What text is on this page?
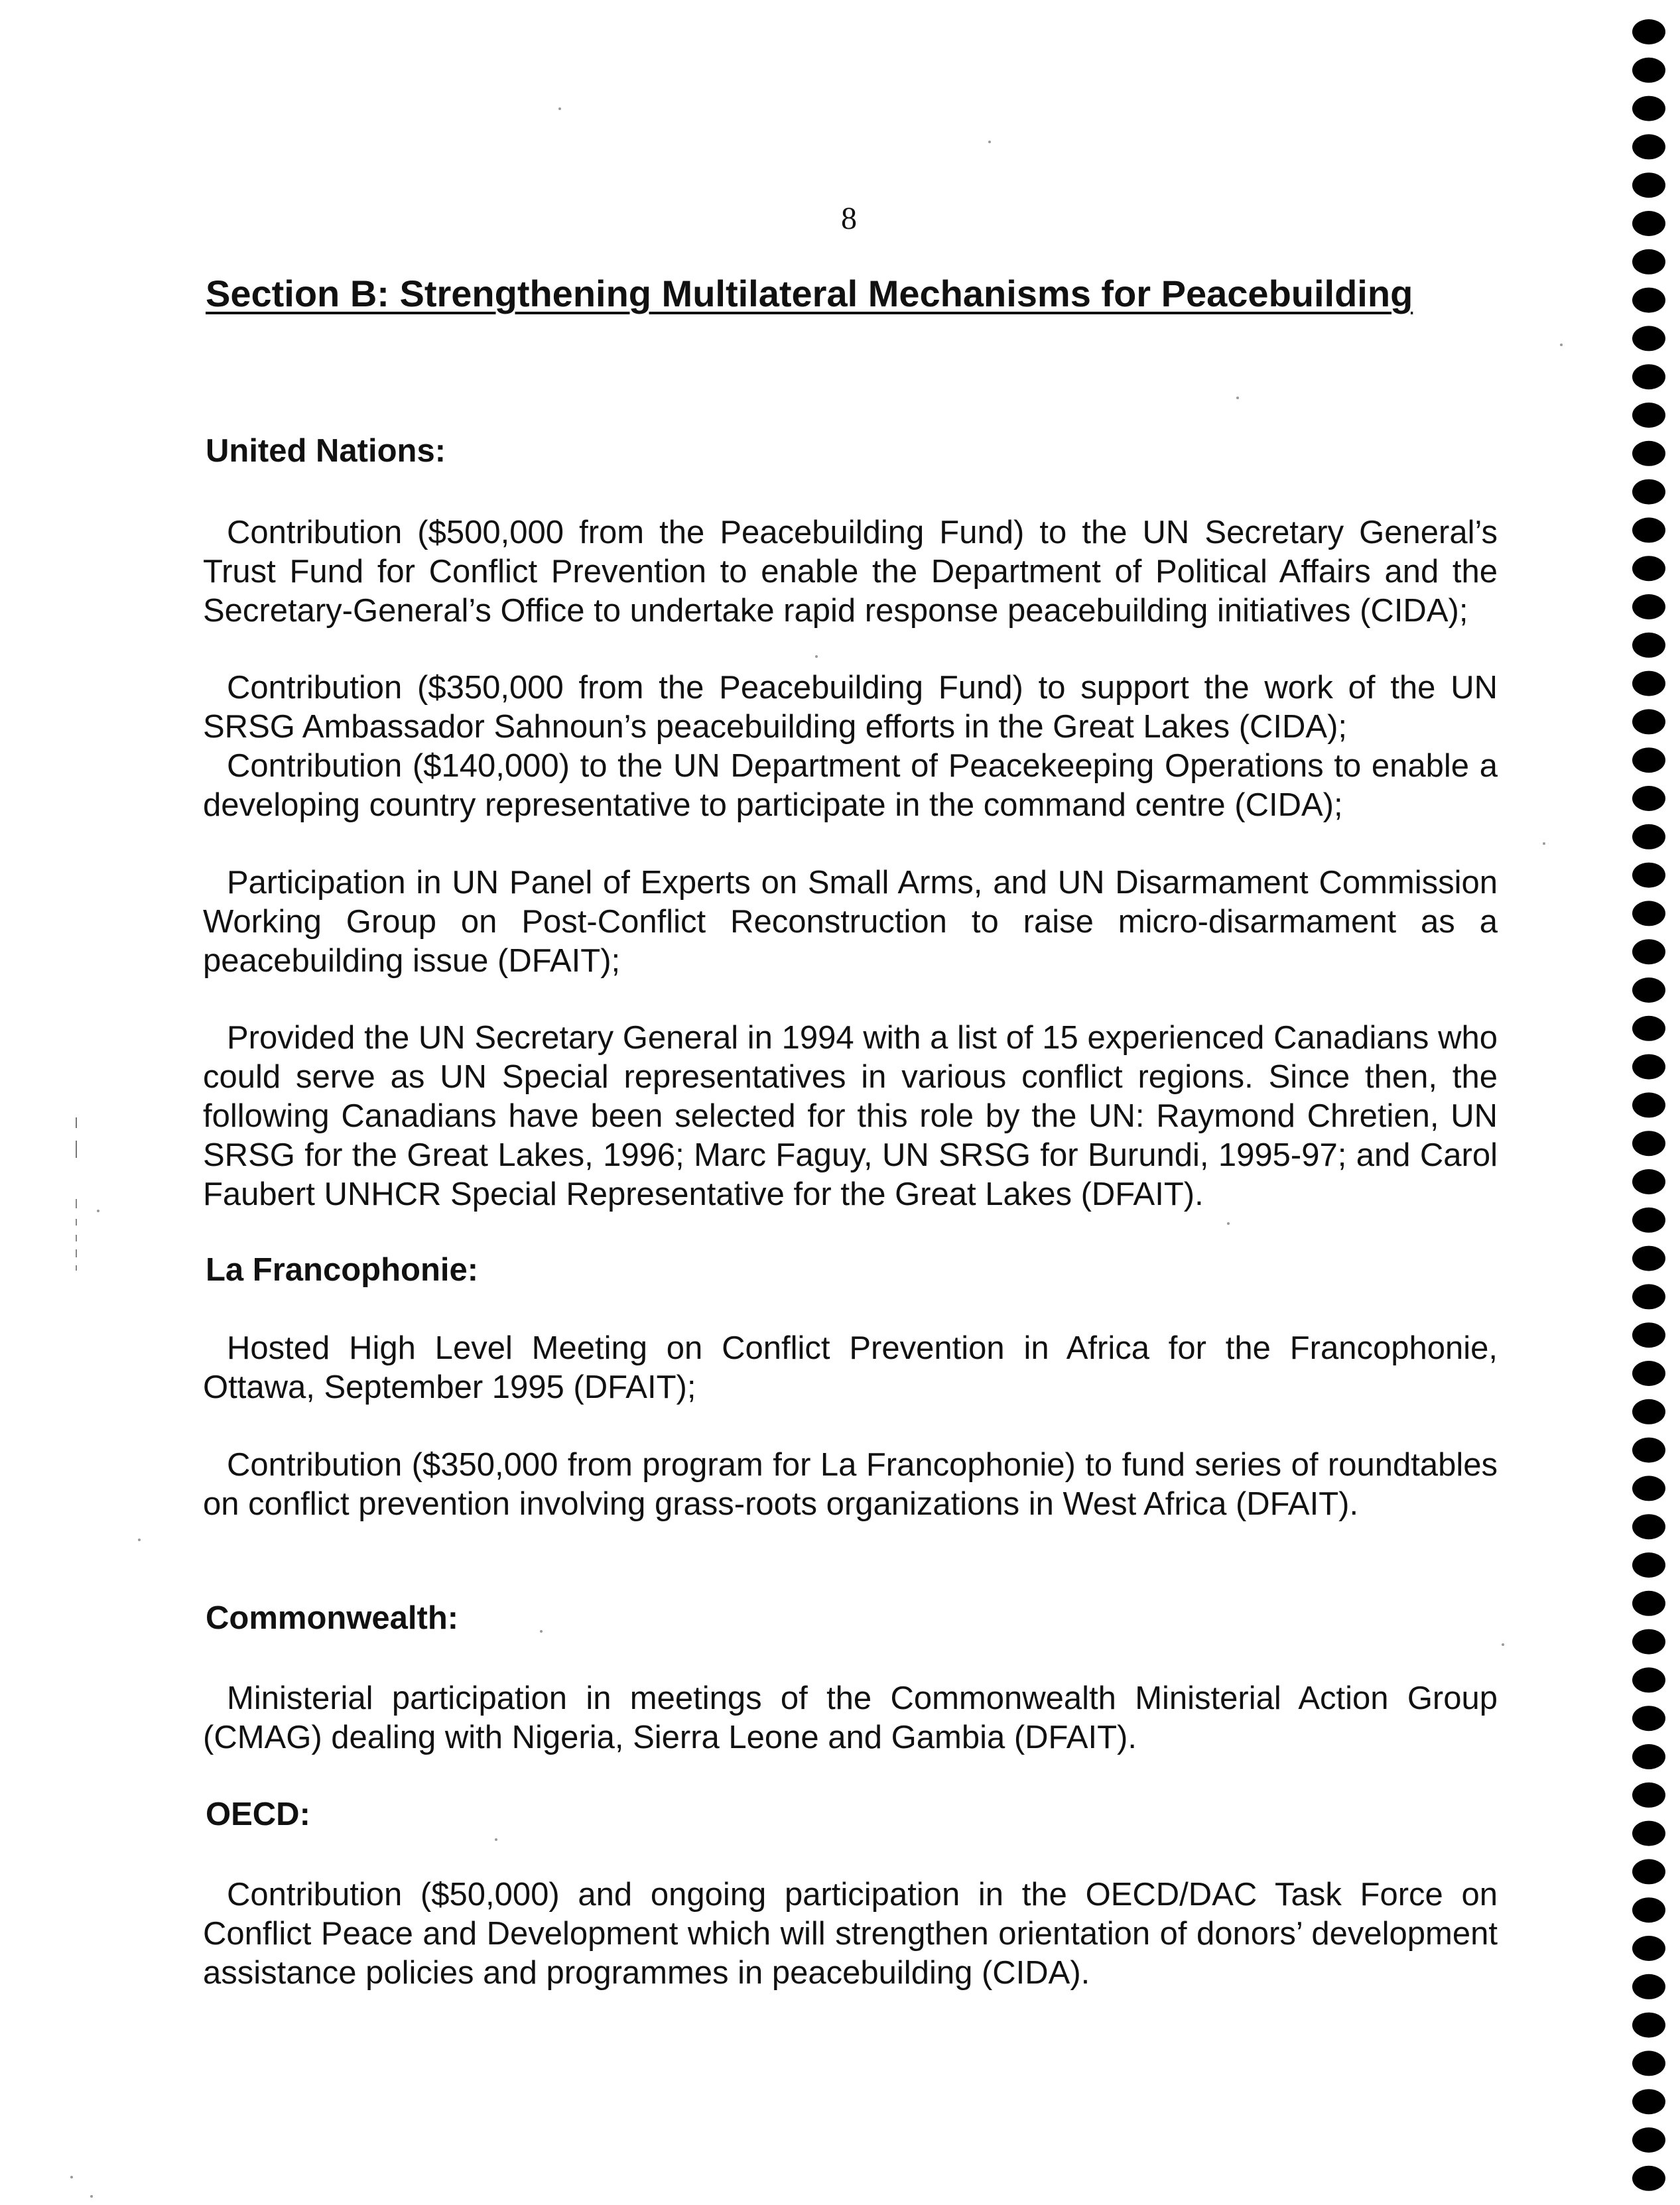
8
Section B: Strengthening Multilateral Mechanisms for Peacebuilding
United Nations:
Contribution ($500,000 from the Peacebuilding Fund) to the UN Secretary General’s Trust Fund for Conflict Prevention to enable the Department of Political Affairs and the Secretary-General’s Office to undertake rapid response peacebuilding initiatives (CIDA);
Contribution ($350,000 from the Peacebuilding Fund) to support the work of the UN SRSG Ambassador Sahnoun’s peacebuilding efforts in the Great Lakes (CIDA);
Contribution ($140,000) to the UN Department of Peacekeeping Operations to enable a developing country representative to participate in the command centre (CIDA);
Participation in UN Panel of Experts on Small Arms, and UN Disarmament Commission Working Group on Post-Conflict Reconstruction to raise micro-disarmament as a peacebuilding issue (DFAIT);
Provided the UN Secretary General in 1994 with a list of 15 experienced Canadians who could serve as UN Special representatives in various conflict regions. Since then, the following Canadians have been selected for this role by the UN: Raymond Chretien, UN SRSG for the Great Lakes, 1996; Marc Faguy, UN SRSG for Burundi, 1995-97; and Carol Faubert UNHCR Special Representative for the Great Lakes (DFAIT).
La Francophonie:
Hosted High Level Meeting on Conflict Prevention in Africa for the Francophonie, Ottawa, September 1995 (DFAIT);
Contribution ($350,000 from program for La Francophonie) to fund series of roundtables on conflict prevention involving grass-roots organizations in West Africa (DFAIT).
Commonwealth:
Ministerial participation in meetings of the Commonwealth Ministerial Action Group (CMAG) dealing with Nigeria, Sierra Leone and Gambia (DFAIT).
OECD:
Contribution ($50,000) and ongoing participation in the OECD/DAC Task Force on Conflict Peace and Development which will strengthen orientation of donors’ development assistance policies and programmes in peacebuilding (CIDA).
